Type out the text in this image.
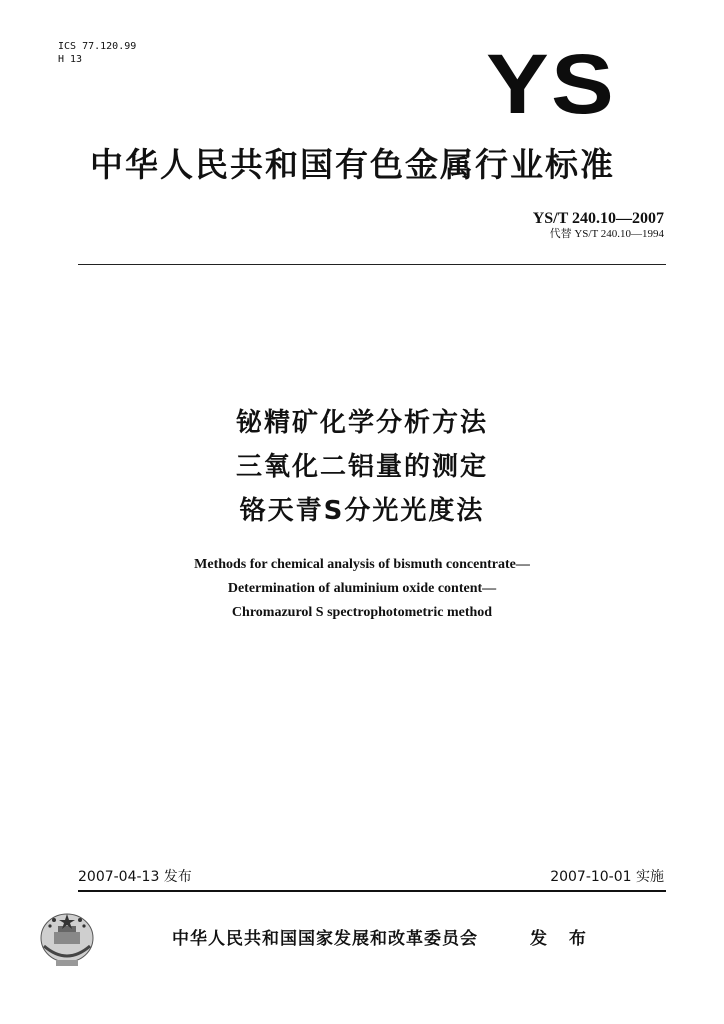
ICS 77.120.99
H 13	YS
中华人民共和国有色金属行业标准
YS/T 240.10—2007
代替 YS/T 240.10—1994
铋精矿化学分析方法
三氧化二铝量的测定
铬天青S分光光度法
Methods for chemical analysis of bismuth concentrate—
Determination of aluminium oxide content—
Chromazurol S spectrophotometric method
2007-04-13 发布	2007-10-01 实施
中华人民共和国国家发展和改革委员会	发 布
